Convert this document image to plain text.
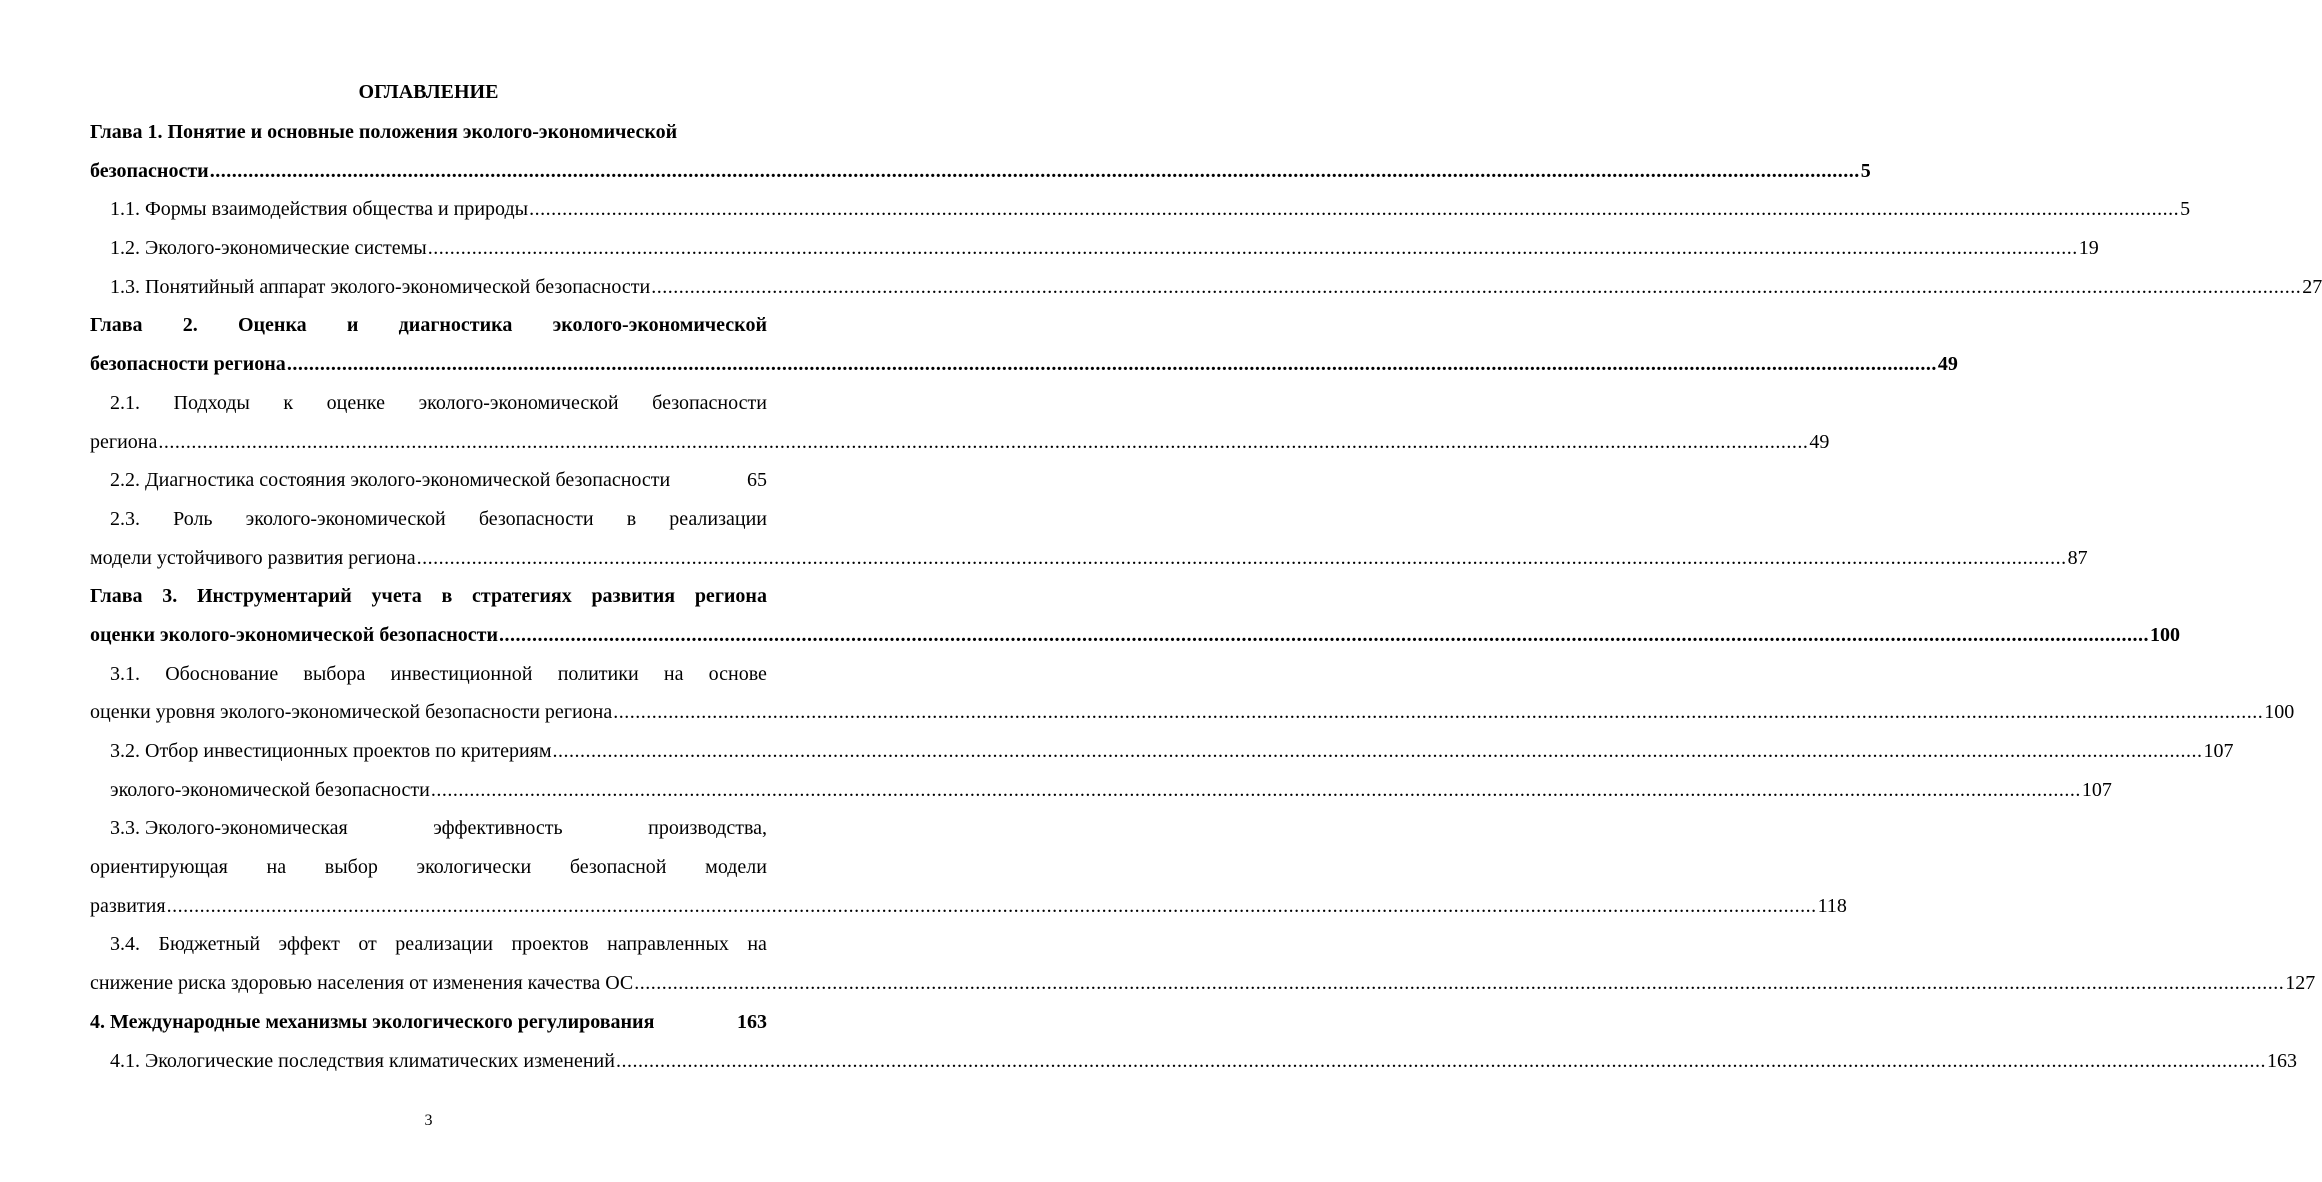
ОГЛАВЛЕНИЕ
Глава 1. Понятие и основные положения эколого-экономической
безопасности ............................................................................................................................................................................................................................................................................................................ 5
1.1. Формы взаимодействия общества и природы ............................................................................................................................................................................................................................................................................................................ 5
1.2. Эколого-экономические системы ............................................................................................................................................................................................................................................................................................................ 19
1.3. Понятийный аппарат эколого-экономической безопасности ............................................................................................................................................................................................................................................................................................................ 27
Глава 2. Оценка и диагностика эколого-экономической
безопасности региона ............................................................................................................................................................................................................................................................................................................ 49
2.1. Подходы к оценке эколого-экономической безопасности
региона ............................................................................................................................................................................................................................................................................................................ 49
2.2. Диагностика состояния эколого-экономической безопасности	65
2.3. Роль эколого-экономической безопасности в реализации
модели устойчивого развития региона ............................................................................................................................................................................................................................................................................................................ 87
Глава 3. Инструментарий учета в стратегиях развития региона
оценки эколого-экономической безопасности ............................................................................................................................................................................................................................................................................................................ 100
3.1. Обоснование выбора инвестиционной политики на основе
оценки уровня эколого-экономической безопасности региона ............................................................................................................................................................................................................................................................................................................ 100
3.2. Отбор инвестиционных проектов по критериям ............................................................................................................................................................................................................................................................................................................ 107
эколого-экономической безопасности ............................................................................................................................................................................................................................................................................................................ 107
3.3. Эколого-экономическая	эффективность	производства,
ориентирующая на выбор экологически безопасной модели
развития ............................................................................................................................................................................................................................................................................................................ 118
3.4. Бюджетный эффект от реализации проектов направленных на
снижение риска здоровью населения от изменения качества ОС ............................................................................................................................................................................................................................................................................................................ 127
4. Международные механизмы экологического регулирования	163
4.1. Экологические последствия климатических изменений ............................................................................................................................................................................................................................................................................................................ 163
3
